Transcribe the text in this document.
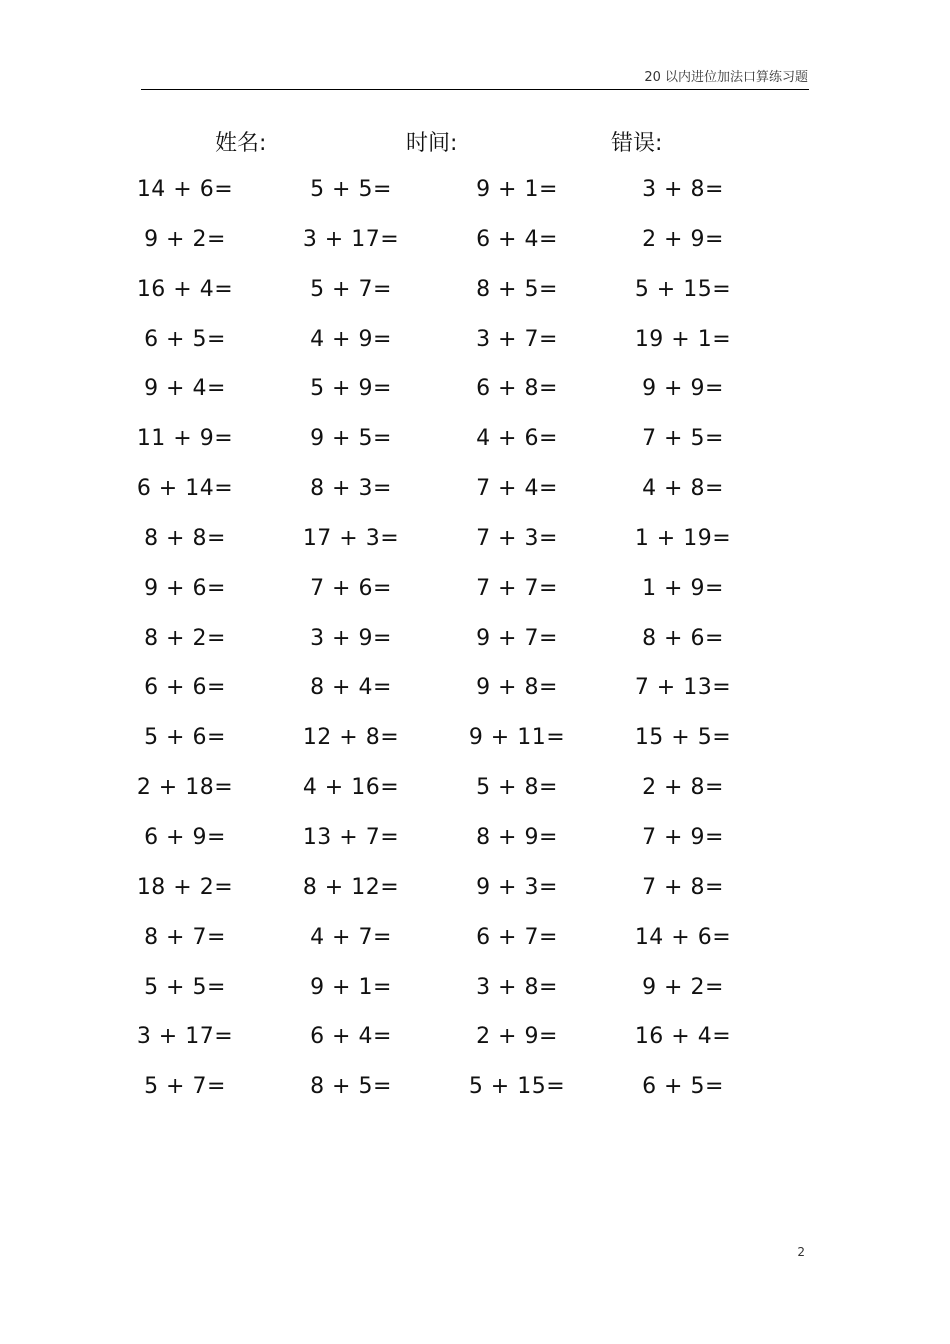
20 以内进位加法口算练习题
姓名:	时间:	错误:
14 + 6=	5 + 5=	9 + 1=	3 + 8=
9 + 2=	3 + 17=	6 + 4=	2 + 9=
16 + 4=	5 + 7=	8 + 5=	5 + 15=
6 + 5=	4 + 9=	3 + 7=	19 + 1=
9 + 4=	5 + 9=	6 + 8=	9 + 9=
11 + 9=	9 + 5=	4 + 6=	7 + 5=
6 + 14=	8 + 3=	7 + 4=	4 + 8=
8 + 8=	17 + 3=	7 + 3=	1 + 19=
9 + 6=	7 + 6=	7 + 7=	1 + 9=
8 + 2=	3 + 9=	9 + 7=	8 + 6=
6 + 6=	8 + 4=	9 + 8=	7 + 13=
5 + 6=	12 + 8=	9 + 11=	15 + 5=
2 + 18=	4 + 16=	5 + 8=	2 + 8=
6 + 9=	13 + 7=	8 + 9=	7 + 9=
18 + 2=	8 + 12=	9 + 3=	7 + 8=
8 + 7=	4 + 7=	6 + 7=	14 + 6=
5 + 5=	9 + 1=	3 + 8=	9 + 2=
3 + 17=	6 + 4=	2 + 9=	16 + 4=
5 + 7=	8 + 5=	5 + 15=	6 + 5=
2
